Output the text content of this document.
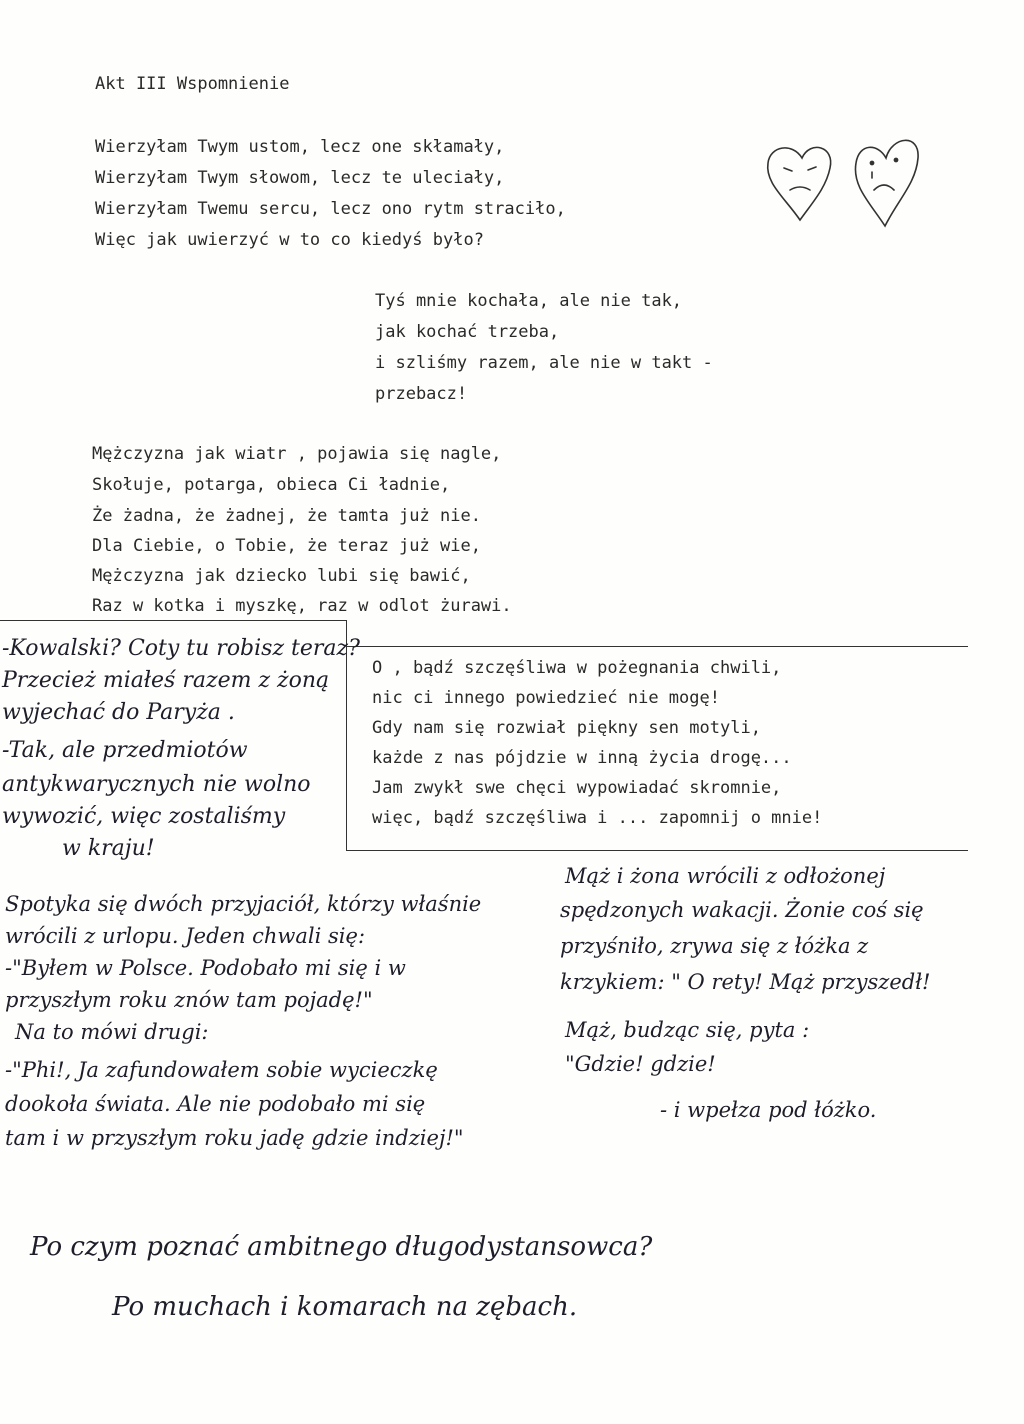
Akt III Wspomnienie
Wierzyłam Twym ustom, lecz one skłamały,
Wierzyłam Twym słowom, lecz te uleciały,
Wierzyłam Twemu sercu, lecz ono rytm straciło,
Więc jak uwierzyć w to co kiedyś było?
Tyś mnie kochała, ale nie tak,
jak kochać trzeba,
i szliśmy razem, ale nie w takt -
przebacz!
Mężczyzna jak wiatr , pojawia się nagle,
Skołuje, potarga, obieca Ci ładnie,
Że żadna, że żadnej, że tamta już nie.
Dla Ciebie, o Tobie, że teraz już wie,
Mężczyzna jak dziecko lubi się bawić,
Raz w kotka i myszkę, raz w odlot żurawi.
-Kowalski? Coty tu robisz teraz?
Przecież miałeś razem z żoną
wyjechać do Paryża .
-Tak, ale przedmiotów
antykwarycznych nie wolno
wywozić, więc zostaliśmy
w kraju!
O , bądź szczęśliwa w pożegnania chwili,
nic ci innego powiedzieć nie mogę!
Gdy nam się rozwiał piękny sen motyli,
każde z nas pójdzie w inną życia drogę...
Jam zwykł swe chęci wypowiadać skromnie,
więc, bądź szczęśliwa i ... zapomnij o mnie!
Spotyka się dwóch przyjaciół, którzy właśnie
wrócili z urlopu. Jeden chwali się:
-"Byłem w Polsce. Podobało mi się i w
przyszłym roku znów tam pojadę!"
Na to mówi drugi:
-"Phi!, Ja zafundowałem sobie wycieczkę
dookoła świata. Ale nie podobało mi się
tam i w przyszłym roku jadę gdzie indziej!"
Mąż i żona wrócili z odłożonej
spędzonych wakacji. Żonie coś się
przyśniło, zrywa się z łóżka z
krzykiem: " O rety! Mąż przyszedł!
Mąż, budząc się, pyta :
"Gdzie! gdzie!
- i wpełza pod łóżko.
Po czym poznać ambitnego długodystansowca?
Po muchach i komarach na zębach.
